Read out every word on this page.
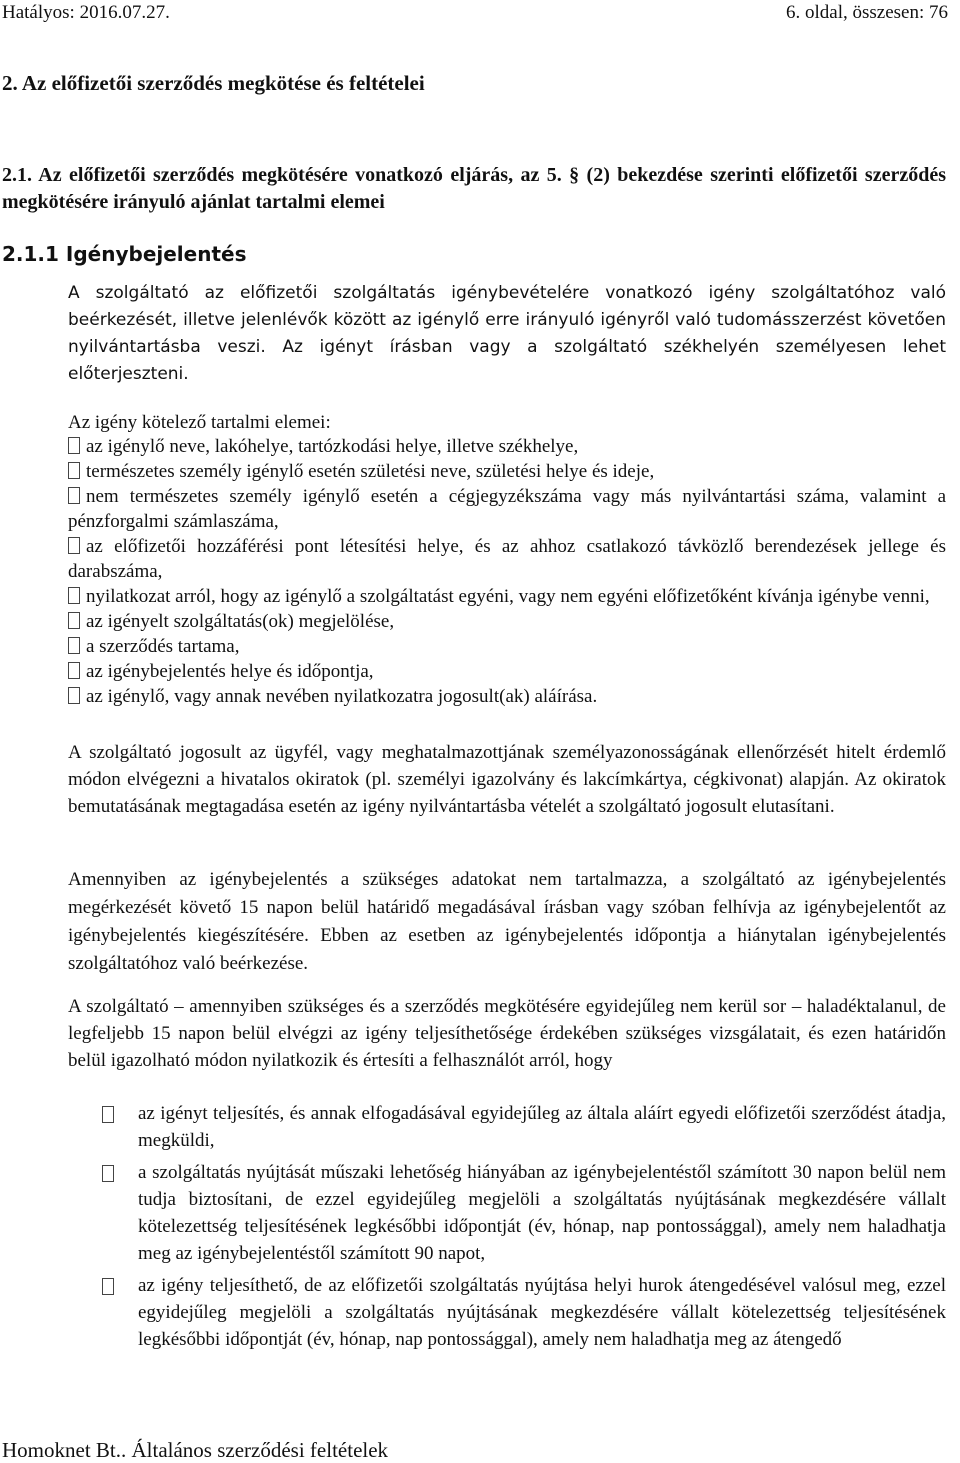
Hatályos: 2016.07.27.	6. oldal, összesen: 76
2. Az előfizetői szerződés megkötése és feltételei
2.1. Az előfizetői szerződés megkötésére vonatkozó eljárás, az 5. § (2) bekezdése szerinti előfizetői szerződés megkötésére irányuló ajánlat tartalmi elemei
2.1.1 Igénybejelentés

A szolgáltató az előfizetői szolgáltatás igénybevételére vonatkozó igény szolgáltatóhoz való beérkezését, illetve jelenlévők között az igénylő erre irányuló igényről való tudomásszerzést követően nyilvántartásba veszi. Az igényt írásban vagy a szolgáltató székhelyén személyesen lehet előterjeszteni.

Az igény kötelező tartalmi elemei:

az igénylő neve, lakóhelye, tartózkodási helye, illetve székhelye,
természetes személy igénylő esetén születési neve, születési helye és ideje,
nem természetes személy igénylő esetén a cégjegyzékszáma vagy más nyilvántartási száma, valamint a pénzforgalmi számlaszáma,
az előfizetői hozzáférési pont létesítési helye, és az ahhoz csatlakozó távközlő berendezések jellege és darabszáma,
nyilatkozat arról, hogy az igénylő a szolgáltatást egyéni, vagy nem egyéni előfizetőként kívánja igénybe venni,
az igényelt szolgáltatás(ok) megjelölése,
a szerződés tartama,
az igénybejelentés helye és időpontja,
az igénylő, vagy annak nevében nyilatkozatra jogosult(ak) aláírása.

A szolgáltató jogosult az ügyfél, vagy meghatalmazottjának személyazonosságának ellenőrzését hitelt érdemlő módon elvégezni a hivatalos okiratok (pl. személyi igazolvány és lakcímkártya, cégkivonat) alapján. Az okiratok bemutatásának megtagadása esetén az igény nyilvántartásba vételét a szolgáltató jogosult elutasítani.

Amennyiben az igénybejelentés a szükséges adatokat nem tartalmazza, a szolgáltató az igénybejelentés megérkezését követő 15 napon belül határidő megadásával írásban vagy szóban felhívja az igénybejelentőt az igénybejelentés kiegészítésére. Ebben az esetben az igénybejelentés időpontja a hiánytalan igénybejelentés szolgáltatóhoz való beérkezése.

A szolgáltató – amennyiben szükséges és a szerződés megkötésére egyidejűleg nem kerül sor – haladéktalanul, de legfeljebb 15 napon belül elvégzi az igény teljesíthetősége érdekében szükséges vizsgálatait, és ezen határidőn belül igazolható módon nyilatkozik és értesíti a felhasználót arról, hogy

az igényt teljesítés, és annak elfogadásával egyidejűleg az általa aláírt egyedi előfizetői szerződést átadja, megküldi,
a szolgáltatás nyújtását műszaki lehetőség hiányában az igénybejelentéstől számított 30 napon belül nem tudja biztosítani, de ezzel egyidejűleg megjelöli a szolgáltatás nyújtásának megkezdésére vállalt kötelezettség teljesítésének legkésőbbi időpontját (év, hónap, nap pontossággal), amely nem haladhatja meg az igénybejelentéstől számított 90 napot,
az igény teljesíthető, de az előfizetői szolgáltatás nyújtása helyi hurok átengedésével valósul meg, ezzel egyidejűleg megjelöli a szolgáltatás nyújtásának megkezdésére vállalt kötelezettség teljesítésének legkésőbbi időpontját (év, hónap, nap pontossággal), amely nem haladhatja meg az átengedő
Homoknet Bt.. Általános szerződési feltételek
